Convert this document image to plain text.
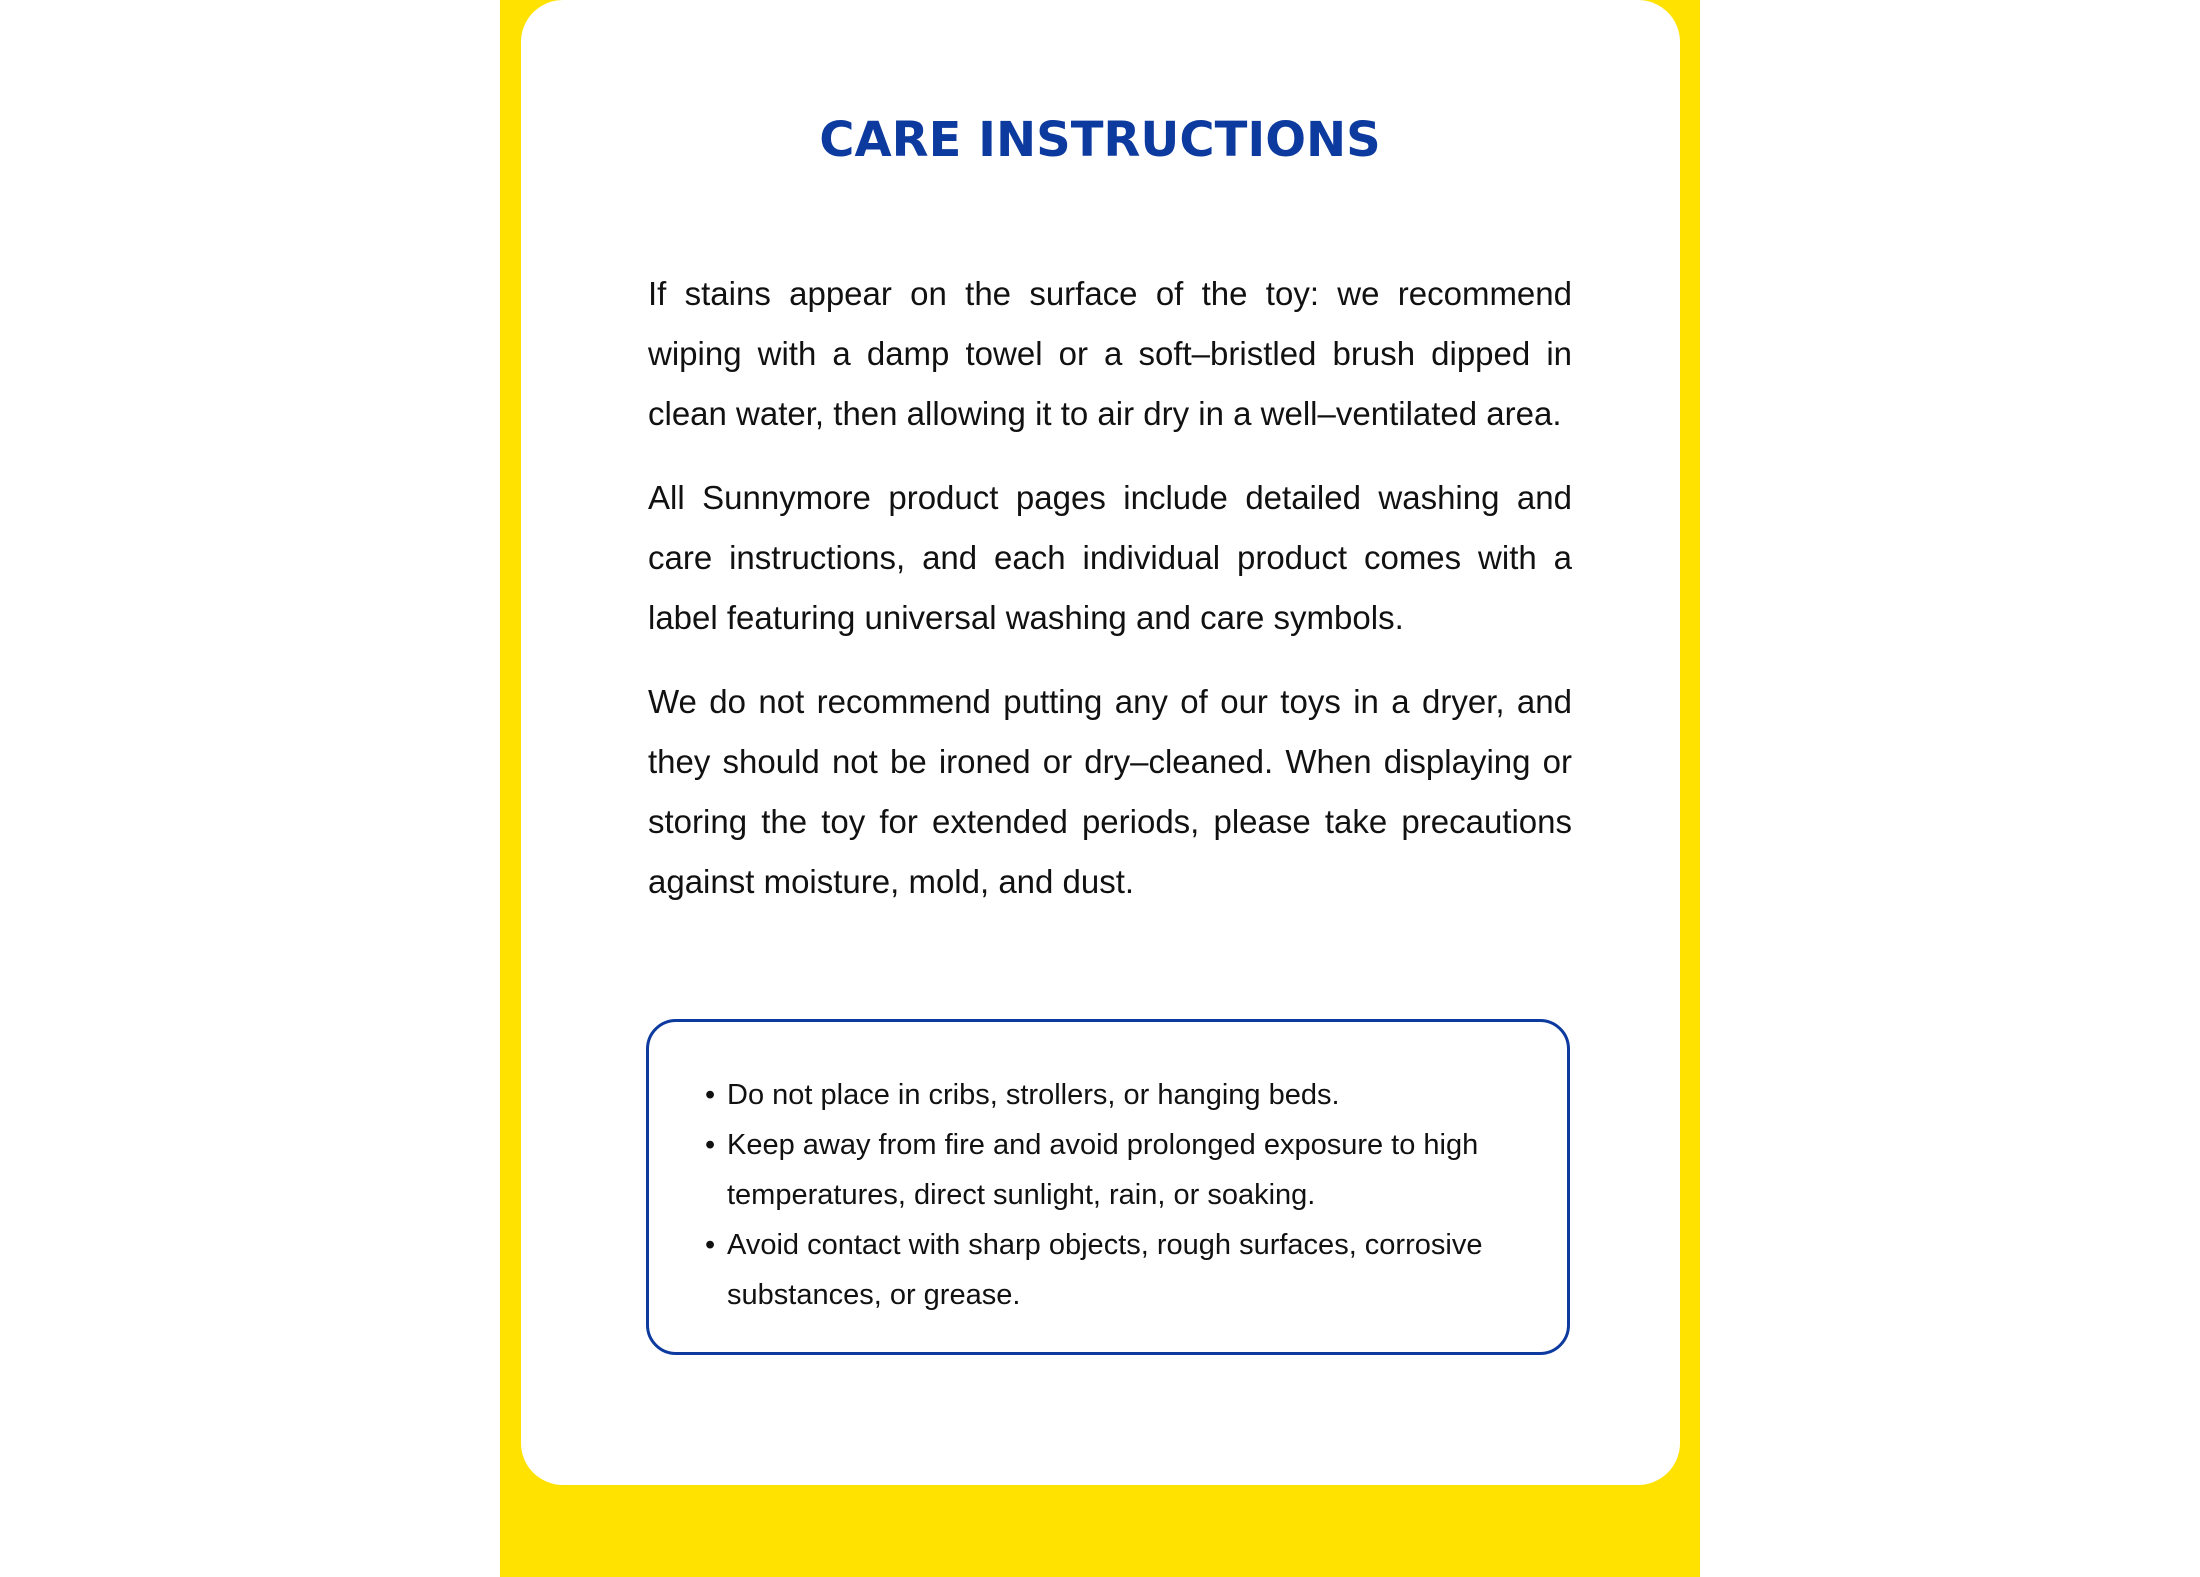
CARE INSTRUCTIONS

If stains appear on the surface of the toy: we recommend wiping with a damp towel or a soft–bristled brush dipped in clean water, then allowing it to air dry in a well–ventilated area.

All Sunnymore product pages include detailed washing and care instructions, and each individual product comes with a label featuring universal washing and care symbols.

We do not recommend putting any of our toys in a dryer, and they should not be ironed or dry–cleaned. When displaying or storing the toy for extended periods, please take precautions against moisture, mold, and dust.

• Do not place in cribs, strollers, or hanging beds.
• Keep away from fire and avoid prolonged exposure to high temperatures, direct sunlight, rain, or soaking.
• Avoid contact with sharp objects, rough surfaces, corrosive substances, or grease.
